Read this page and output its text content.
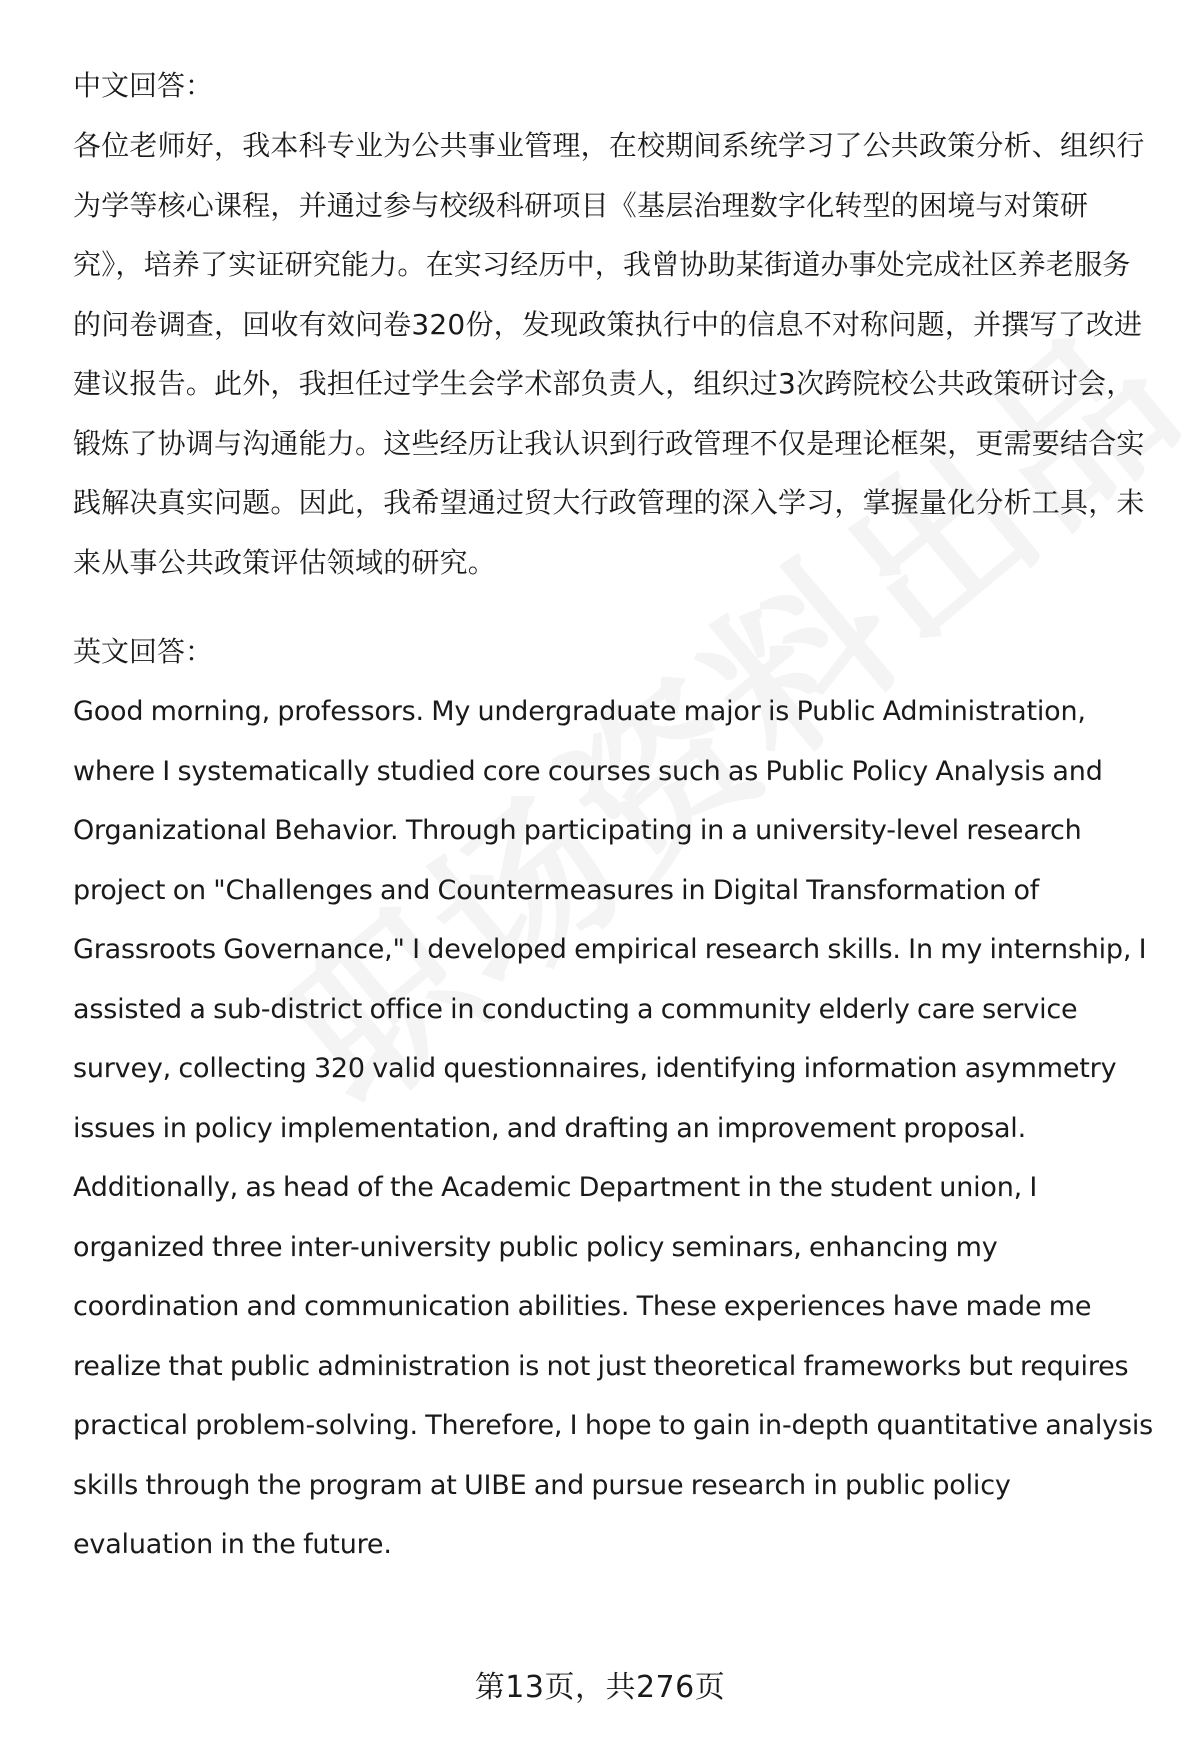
中文回答：

各位老师好，我本科专业为公共事业管理，在校期间系统学习了公共政策分析、组织行为学等核心课程，并通过参与校级科研项目《基层治理数字化转型的困境与对策研究》，培养了实证研究能力。在实习经历中，我曾协助某街道办事处完成社区养老服务的问卷调查，回收有效问卷320份，发现政策执行中的信息不对称问题，并撰写了改进建议报告。此外，我担任过学生会学术部负责人，组织过3次跨院校公共政策研讨会，锻炼了协调与沟通能力。这些经历让我认识到行政管理不仅是理论框架，更需要结合实践解决真实问题。因此，我希望通过贸大行政管理的深入学习，掌握量化分析工具，未来从事公共政策评估领域的研究。

英文回答：

Good morning, professors. My undergraduate major is Public Administration, where I systematically studied core courses such as Public Policy Analysis and Organizational Behavior. Through participating in a university-level research project on "Challenges and Countermeasures in Digital Transformation of Grassroots Governance," I developed empirical research skills. In my internship, I assisted a sub-district office in conducting a community elderly care service survey, collecting 320 valid questionnaires, identifying information asymmetry issues in policy implementation, and drafting an improvement proposal. Additionally, as head of the Academic Department in the student union, I organized three inter-university public policy seminars, enhancing my coordination and communication abilities. These experiences have made me realize that public administration is not just theoretical frameworks but requires practical problem-solving. Therefore, I hope to gain in-depth quantitative analysis skills through the program at UIBE and pursue research in public policy evaluation in the future.

第13页，共276页
